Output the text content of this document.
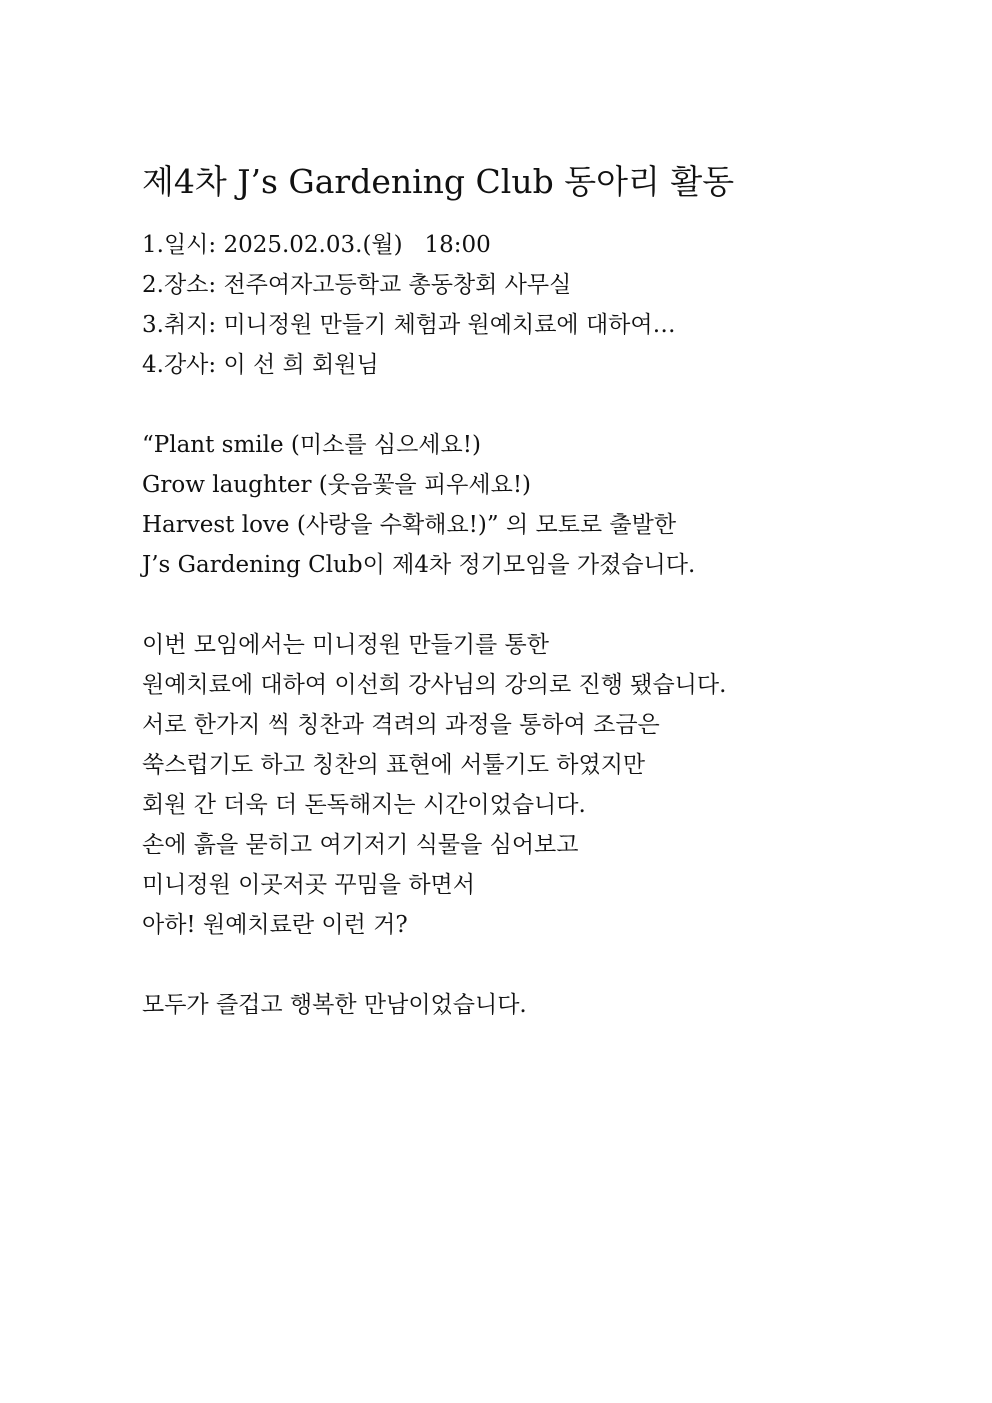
제4차 J’s Gardening Club 동아리 활동

1.일시: 2025.02.03.(월)   18:00

2.장소: 전주여자고등학교 총동창회 사무실

3.취지: 미니정원 만들기 체험과 원예치료에 대하여…

4.강사: 이 선 희 회원님

“Plant smile (미소를 심으세요!)

Grow laughter (웃음꽃을 피우세요!)

Harvest love (사랑을 수확해요!)” 의 모토로 출발한

J’s Gardening Club이 제4차 정기모임을 가졌습니다.

이번 모임에서는 미니정원 만들기를 통한

원예치료에 대하여 이선희 강사님의 강의로 진행 됐습니다.

서로 한가지 씩 칭찬과 격려의 과정을 통하여 조금은

쑥스럽기도 하고 칭찬의 표현에 서툴기도 하였지만

회원 간 더욱 더 돈독해지는 시간이었습니다.

손에 흙을 묻히고 여기저기 식물을 심어보고

미니정원 이곳저곳 꾸밈을 하면서

아하! 원예치료란 이런 거?

모두가 즐겁고 행복한 만남이었습니다.
